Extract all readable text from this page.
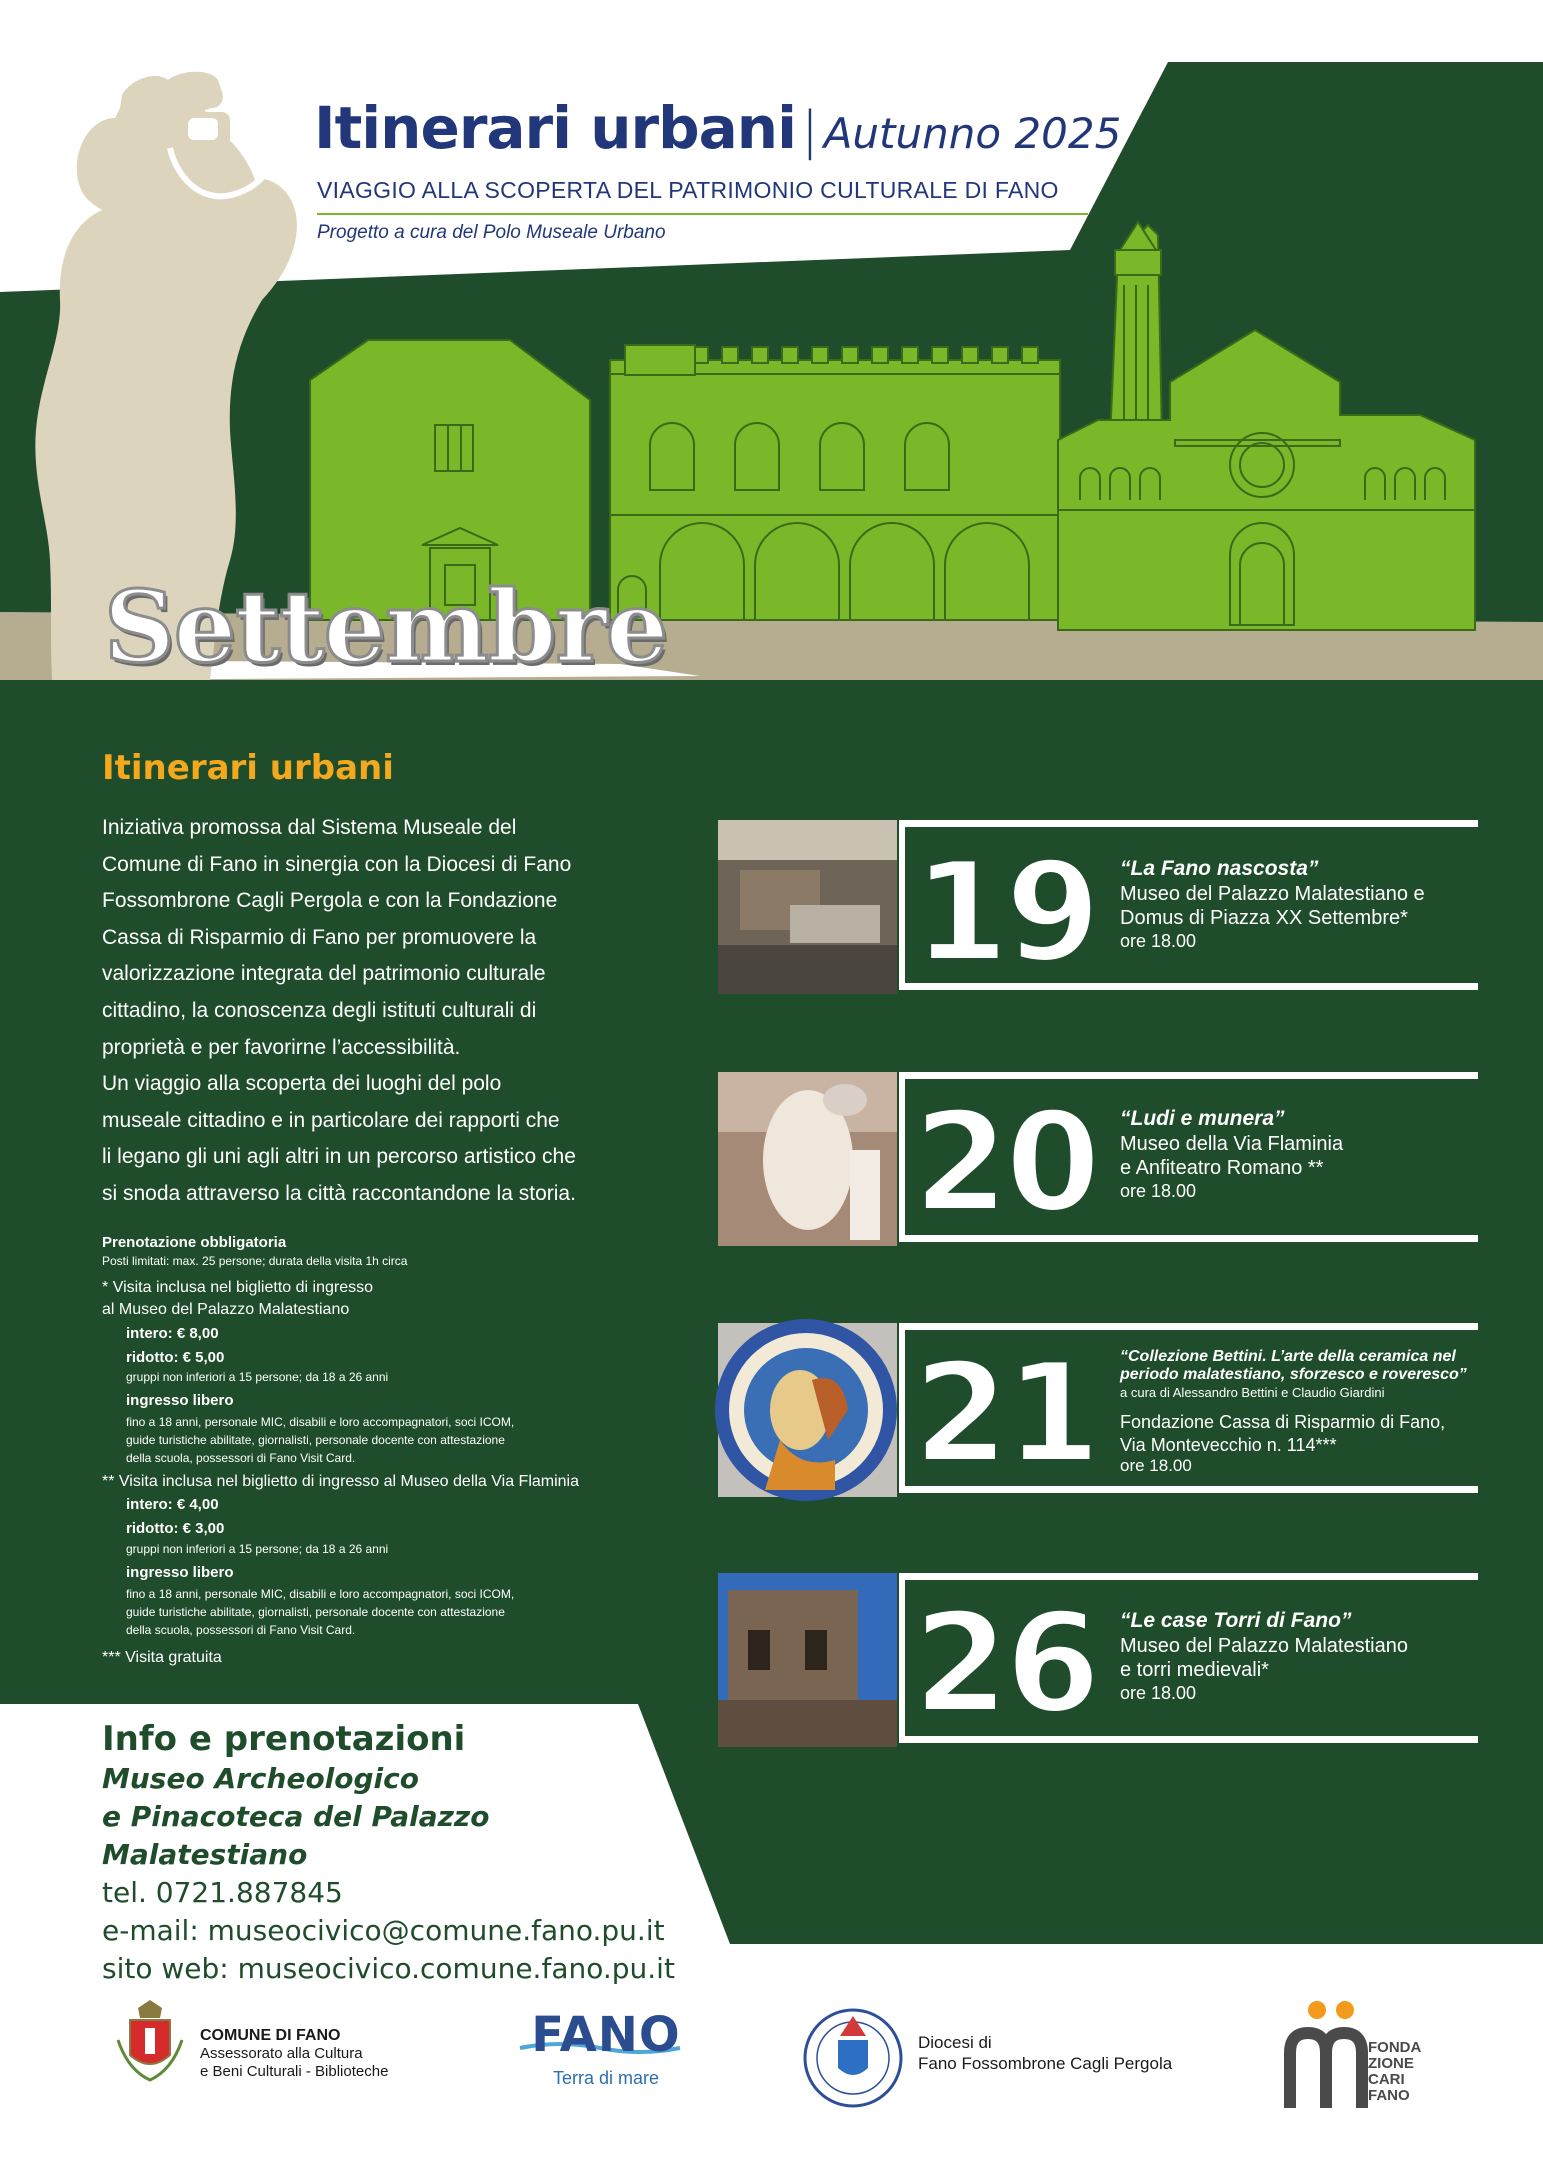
Itinerari urbani | Autunno 2025
VIAGGIO ALLA SCOPERTA DEL PATRIMONIO CULTURALE DI FANO
Progetto a cura del Polo Museale Urbano
Settembre
Itinerari urbani
Iniziativa promossa dal Sistema Museale del
Comune di Fano in sinergia con la Diocesi di Fano
Fossombrone Cagli Pergola e con la Fondazione
Cassa di Risparmio di Fano per promuovere la
valorizzazione integrata del patrimonio culturale
cittadino, la conoscenza degli istituti culturali di
proprietà e per favorirne l’accessibilità.
Un viaggio alla scoperta dei luoghi del polo
museale cittadino e in particolare dei rapporti che
li legano gli uni agli altri in un percorso artistico che
si snoda attraverso la città raccontandone la storia.
Prenotazione obbligatoria
Posti limitati: max. 25 persone; durata della visita 1h circa
* Visita inclusa nel biglietto di ingresso
al Museo del Palazzo Malatestiano
intero: € 8,00
ridotto: € 5,00
gruppi non inferiori a 15 persone; da 18 a 26 anni
ingresso libero
fino a 18 anni, personale MIC, disabili e loro accompagnatori, soci ICOM,
guide turistiche abilitate, giornalisti, personale docente con attestazione
della scuola, possessori di Fano Visit Card.
** Visita inclusa nel biglietto di ingresso al Museo della Via Flaminia
intero: € 4,00
ridotto: € 3,00
gruppi non inferiori a 15 persone; da 18 a 26 anni
ingresso libero
fino a 18 anni, personale MIC, disabili e loro accompagnatori, soci ICOM,
guide turistiche abilitate, giornalisti, personale docente con attestazione
della scuola, possessori di Fano Visit Card.
*** Visita gratuita
19	“La Fano nascosta”
Museo del Palazzo Malatestiano e
Domus di Piazza XX Settembre*
ore 18.00
20	“Ludi e munera”
Museo della Via Flaminia
e Anfiteatro Romano **
ore 18.00
21	“Collezione Bettini. L’arte della ceramica nel
periodo malatestiano, sforzesco e roveresco”
a cura di Alessandro Bettini e Claudio Giardini
Fondazione Cassa di Risparmio di Fano,
Via Montevecchio n. 114***
ore 18.00
26	“Le case Torri di Fano”
Museo del Palazzo Malatestiano
e torri medievali*
ore 18.00
Info e prenotazioni
Museo Archeologico
e Pinacoteca del Palazzo Malatestiano
tel. 0721.887845
e-mail: museocivico@comune.fano.pu.it
sito web: museocivico.comune.fano.pu.it
COMUNE DI FANO
Assessorato alla Cultura
e Beni Culturali - Biblioteche
FANO
Terra di mare
Diocesi di
Fano Fossombrone Cagli Pergola
FONDA
ZIONE
CARI
FANO
